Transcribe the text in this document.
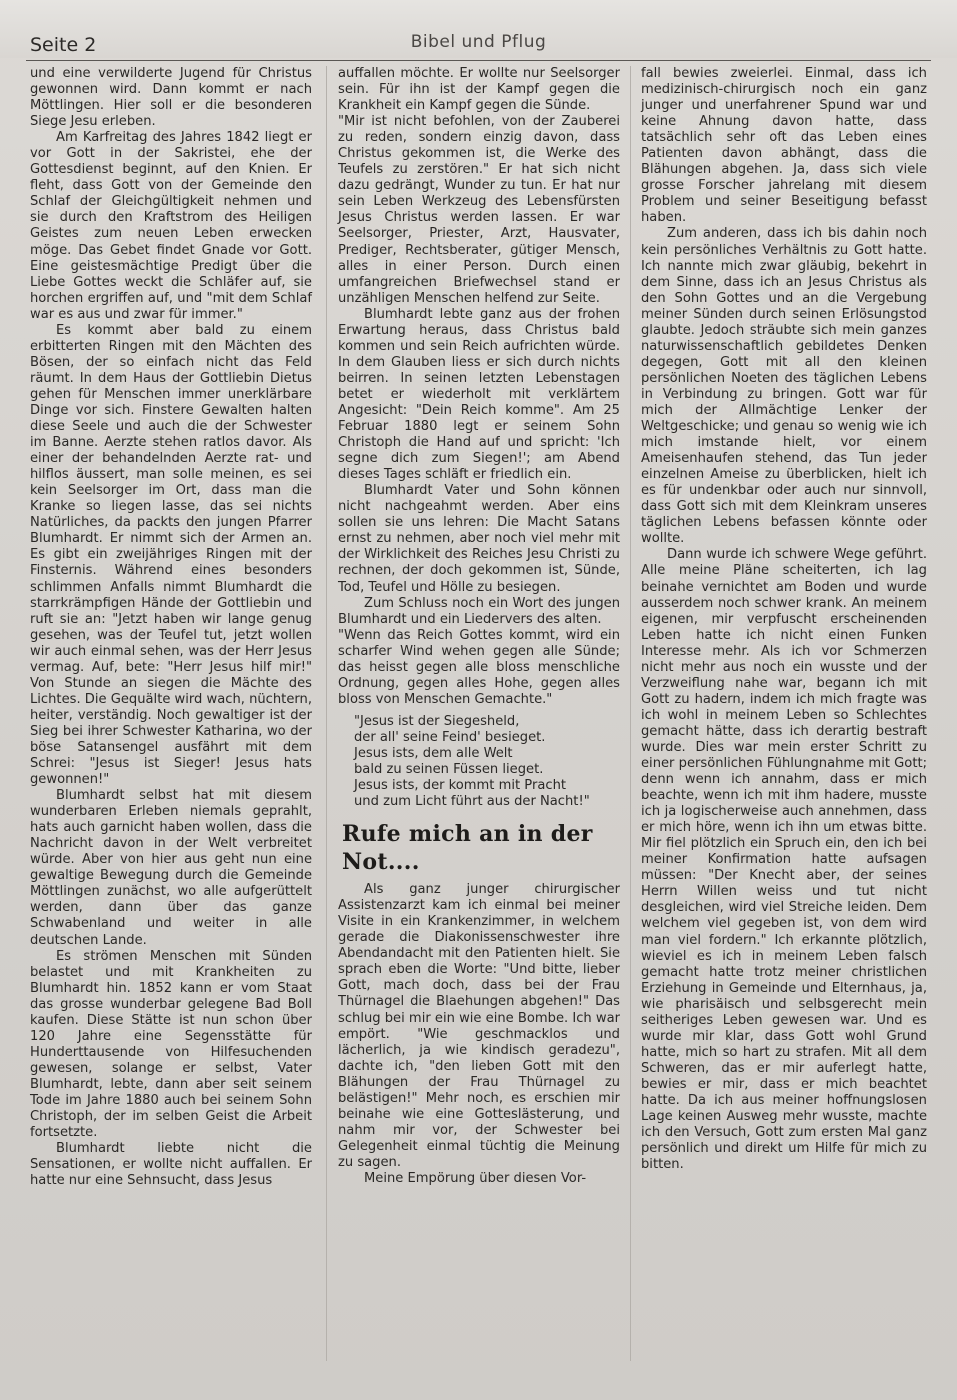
Seite 2	Bibel und Pflug

und eine verwilderte Jugend für Christus gewonnen wird. Dann kommt er nach Möttlingen. Hier soll er die besonderen Siege Jesu erleben.

Am Karfreitag des Jahres 1842 liegt er vor Gott in der Sakristei, ehe der Gottesdienst beginnt, auf den Knien. Er fleht, dass Gott von der Gemeinde den Schlaf der Gleichgültigkeit nehmen und sie durch den Kraftstrom des Heiligen Geistes zum neuen Leben erwecken möge. Das Gebet findet Gnade vor Gott. Eine geistesmächtige Predigt über die Liebe Gottes weckt die Schläfer auf, sie horchen ergriffen auf, und "mit dem Schlaf war es aus und zwar für immer."

Es kommt aber bald zu einem erbitterten Ringen mit den Mächten des Bösen, der so einfach nicht das Feld räumt. In dem Haus der Gottliebin Dietus gehen für Menschen immer unerklärbare Dinge vor sich. Finstere Gewalten halten diese Seele und auch die der Schwester im Banne. Aerzte stehen ratlos davor. Als einer der behandelnden Aerzte rat- und hilflos äussert, man solle meinen, es sei kein Seelsorger im Ort, dass man die Kranke so liegen lasse, das sei nichts Natürliches, da packts den jungen Pfarrer Blumhardt. Er nimmt sich der Armen an. Es gibt ein zweijähriges Ringen mit der Finsternis. Während eines besonders schlimmen Anfalls nimmt Blumhardt die starrkrämpfigen Hände der Gottliebin und ruft sie an: "Jetzt haben wir lange genug gesehen, was der Teufel tut, jetzt wollen wir auch einmal sehen, was der Herr Jesus vermag. Auf, bete: "Herr Jesus hilf mir!" Von Stunde an siegen die Mächte des Lichtes. Die Gequälte wird wach, nüchtern, heiter, verständig. Noch gewaltiger ist der Sieg bei ihrer Schwester Katharina, wo der böse Satansengel ausfährt mit dem Schrei: "Jesus ist Sieger! Jesus hats gewonnen!"

Blumhardt selbst hat mit diesem wunderbaren Erleben niemals geprahlt, hats auch garnicht haben wollen, dass die Nachricht davon in der Welt verbreitet würde. Aber von hier aus geht nun eine gewaltige Bewegung durch die Gemeinde Möttlingen zunächst, wo alle aufgerüttelt werden, dann über das ganze Schwabenland und weiter in alle deutschen Lande.

Es strömen Menschen mit Sünden belastet und mit Krankheiten zu Blumhardt hin. 1852 kann er vom Staat das grosse wunderbar gelegene Bad Boll kaufen. Diese Stätte ist nun schon über 120 Jahre eine Segensstätte für Hunderttausende von Hilfesuchenden gewesen, solange er selbst, Vater Blumhardt, lebte, dann aber seit seinem Tode im Jahre 1880 auch bei seinem Sohn Christoph, der im selben Geist die Arbeit fortsetzte.

Blumhardt liebte nicht die Sensationen, er wollte nicht auffallen. Er hatte nur eine Sehnsucht, dass Jesus

auffallen möchte. Er wollte nur Seelsorger sein. Für ihn ist der Kampf gegen die Krankheit ein Kampf gegen die Sünde.

"Mir ist nicht befohlen, von der Zauberei zu reden, sondern einzig davon, dass Christus gekommen ist, die Werke des Teufels zu zerstören." Er hat sich nicht dazu gedrängt, Wunder zu tun. Er hat nur sein Leben Werkzeug des Lebensfürsten Jesus Christus werden lassen. Er war Seelsorger, Priester, Arzt, Hausvater, Prediger, Rechtsberater, gütiger Mensch, alles in einer Person. Durch einen umfangreichen Briefwechsel stand er unzähligen Menschen helfend zur Seite.

Blumhardt lebte ganz aus der frohen Erwartung heraus, dass Christus bald kommen und sein Reich aufrichten würde. In dem Glauben liess er sich durch nichts beirren. In seinen letzten Lebenstagen betet er wiederholt mit verklärtem Angesicht: "Dein Reich komme". Am 25 Februar 1880 legt er seinem Sohn Christoph die Hand auf und spricht: 'Ich segne dich zum Siegen!'; am Abend dieses Tages schläft er friedlich ein.

Blumhardt Vater und Sohn können nicht nachgeahmt werden. Aber eins sollen sie uns lehren: Die Macht Satans ernst zu nehmen, aber noch viel mehr mit der Wirklichkeit des Reiches Jesu Christi zu rechnen, der doch gekommen ist, Sünde, Tod, Teufel und Hölle zu besiegen.

Zum Schluss noch ein Wort des jungen Blumhardt und ein Liedervers des alten.

"Wenn das Reich Gottes kommt, wird ein scharfer Wind wehen gegen alle Sünde; das heisst gegen alle bloss menschliche Ordnung, gegen alles Hohe, gegen alles bloss von Menschen Gemachte."

"Jesus ist der Siegesheld,
der all' seine Feind' besieget.
Jesus ists, dem alle Welt
bald zu seinen Füssen lieget.
Jesus ists, der kommt mit Pracht
und zum Licht führt aus der Nacht!"
Rufe mich an in der Not....

Als ganz junger chirurgischer Assistenzarzt kam ich einmal bei meiner Visite in ein Krankenzimmer, in welchem gerade die Diakonissenschwester ihre Abendandacht mit den Patienten hielt. Sie sprach eben die Worte: "Und bitte, lieber Gott, mach doch, dass bei der Frau Thürnagel die Blaehungen abgehen!" Das schlug bei mir ein wie eine Bombe. Ich war empört. "Wie geschmacklos und lächerlich, ja wie kindisch geradezu", dachte ich, "den lieben Gott mit den Blähungen der Frau Thürnagel zu belästigen!" Mehr noch, es erschien mir beinahe wie eine Gotteslästerung, und nahm mir vor, der Schwester bei Gelegenheit einmal tüchtig die Meinung zu sagen.

Meine Empörung über diesen Vor-

fall bewies zweierlei. Einmal, dass ich medizinisch-chirurgisch noch ein ganz junger und unerfahrener Spund war und keine Ahnung davon hatte, dass tatsächlich sehr oft das Leben eines Patienten davon abhängt, dass die Blähungen abgehen. Ja, dass sich viele grosse Forscher jahrelang mit diesem Problem und seiner Beseitigung befasst haben.

Zum anderen, dass ich bis dahin noch kein persönliches Verhältnis zu Gott hatte. Ich nannte mich zwar gläubig, bekehrt in dem Sinne, dass ich an Jesus Christus als den Sohn Gottes und an die Vergebung meiner Sünden durch seinen Erlösungstod glaubte. Jedoch sträubte sich mein ganzes naturwissenschaftlich gebildetes Denken degegen, Gott mit all den kleinen persönlichen Noeten des täglichen Lebens in Verbindung zu bringen. Gott war für mich der Allmächtige Lenker der Weltgeschicke; und genau so wenig wie ich mich imstande hielt, vor einem Ameisenhaufen stehend, das Tun jeder einzelnen Ameise zu überblicken, hielt ich es für undenkbar oder auch nur sinnvoll, dass Gott sich mit dem Kleinkram unseres täglichen Lebens befassen könnte oder wollte.

Dann wurde ich schwere Wege geführt. Alle meine Pläne scheiterten, ich lag beinahe vernichtet am Boden und wurde ausserdem noch schwer krank. An meinem eigenen, mir verpfuscht erscheinenden Leben hatte ich nicht einen Funken Interesse mehr. Als ich vor Schmerzen nicht mehr aus noch ein wusste und der Verzweiflung nahe war, begann ich mit Gott zu hadern, indem ich mich fragte was ich wohl in meinem Leben so Schlechtes gemacht hätte, dass ich derartig bestraft wurde. Dies war mein erster Schritt zu einer persönlichen Fühlungnahme mit Gott; denn wenn ich annahm, dass er mich beachte, wenn ich mit ihm hadere, musste ich ja logischerweise auch annehmen, dass er mich höre, wenn ich ihn um etwas bitte. Mir fiel plötzlich ein Spruch ein, den ich bei meiner Konfirmation hatte aufsagen müssen: "Der Knecht aber, der seines Herrn Willen weiss und tut nicht desgleichen, wird viel Streiche leiden. Dem welchem viel gegeben ist, von dem wird man viel fordern." Ich erkannte plötzlich, wieviel es ich in meinem Leben falsch gemacht hatte trotz meiner christlichen Erziehung in Gemeinde und Elternhaus, ja, wie pharisäisch und selbsgerecht mein seitheriges Leben gewesen war. Und es wurde mir klar, dass Gott wohl Grund hatte, mich so hart zu strafen. Mit all dem Schweren, das er mir auferlegt hatte, bewies er mir, dass er mich beachtet hatte. Da ich aus meiner hoffnungslosen Lage keinen Ausweg mehr wusste, machte ich den Versuch, Gott zum ersten Mal ganz persönlich und direkt um Hilfe für mich zu bitten.
